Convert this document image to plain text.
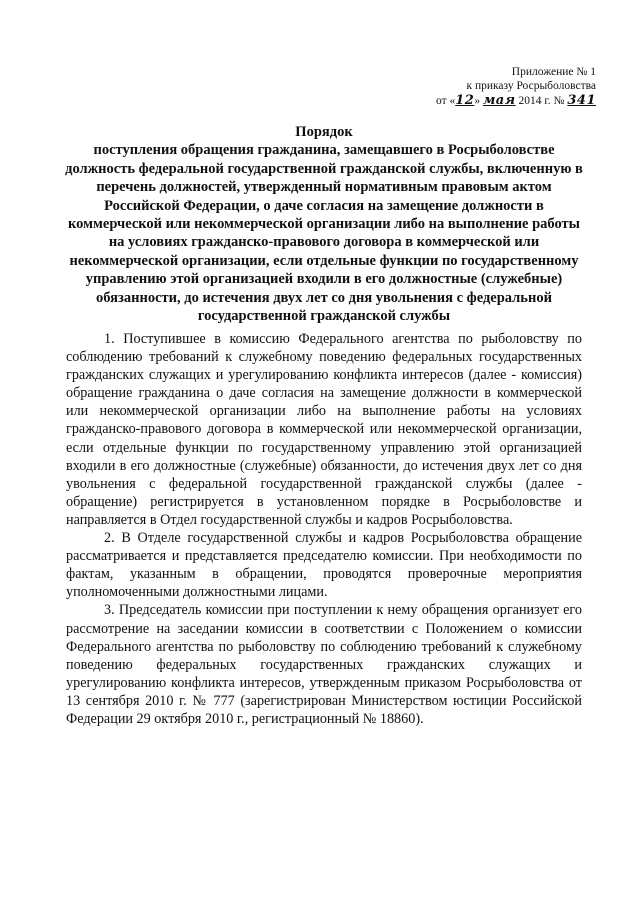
Приложение № 1
к приказу Росрыболовства
от «12» мая 2014 г. № 341
Порядок
поступления обращения гражданина, замещавшего в Росрыболовстве должность федеральной государственной гражданской службы, включенную в перечень должностей, утвержденный нормативным правовым актом Российской Федерации, о даче согласия на замещение должности в коммерческой или некоммерческой организации либо на выполнение работы на условиях гражданско-правового договора в коммерческой или некоммерческой организации, если отдельные функции по государственному управлению этой организацией входили в его должностные (служебные) обязанности, до истечения двух лет со дня увольнения с федеральной государственной гражданской службы

1. Поступившее в комиссию Федерального агентства по рыболовству по соблюдению требований к служебному поведению федеральных государственных гражданских служащих и урегулированию конфликта интересов (далее - комиссия) обращение гражданина о даче согласия на замещение должности в коммерческой или некоммерческой организации либо на выполнение работы на условиях гражданско-правового договора в коммерческой или некоммерческой организации, если отдельные функции по государственному управлению этой организацией входили в его должностные (служебные) обязанности, до истечения двух лет со дня увольнения с федеральной государственной гражданской службы (далее - обращение) регистрируется в установленном порядке в Росрыболовстве и направляется в Отдел государственной службы и кадров Росрыболовства.

2. В Отделе государственной службы и кадров Росрыболовства обращение рассматривается и представляется председателю комиссии. При необходимости по фактам, указанным в обращении, проводятся проверочные мероприятия уполномоченными должностными лицами.

3. Председатель комиссии при поступлении к нему обращения организует его рассмотрение на заседании комиссии в соответствии с Положением о комиссии Федерального агентства по рыболовству по соблюдению требований к служебному поведению федеральных государственных гражданских служащих и урегулированию конфликта интересов, утвержденным приказом Росрыболовства от 13 сентября 2010 г. № 777 (зарегистрирован Министерством юстиции Российской Федерации 29 октября 2010 г., регистрационный № 18860).
